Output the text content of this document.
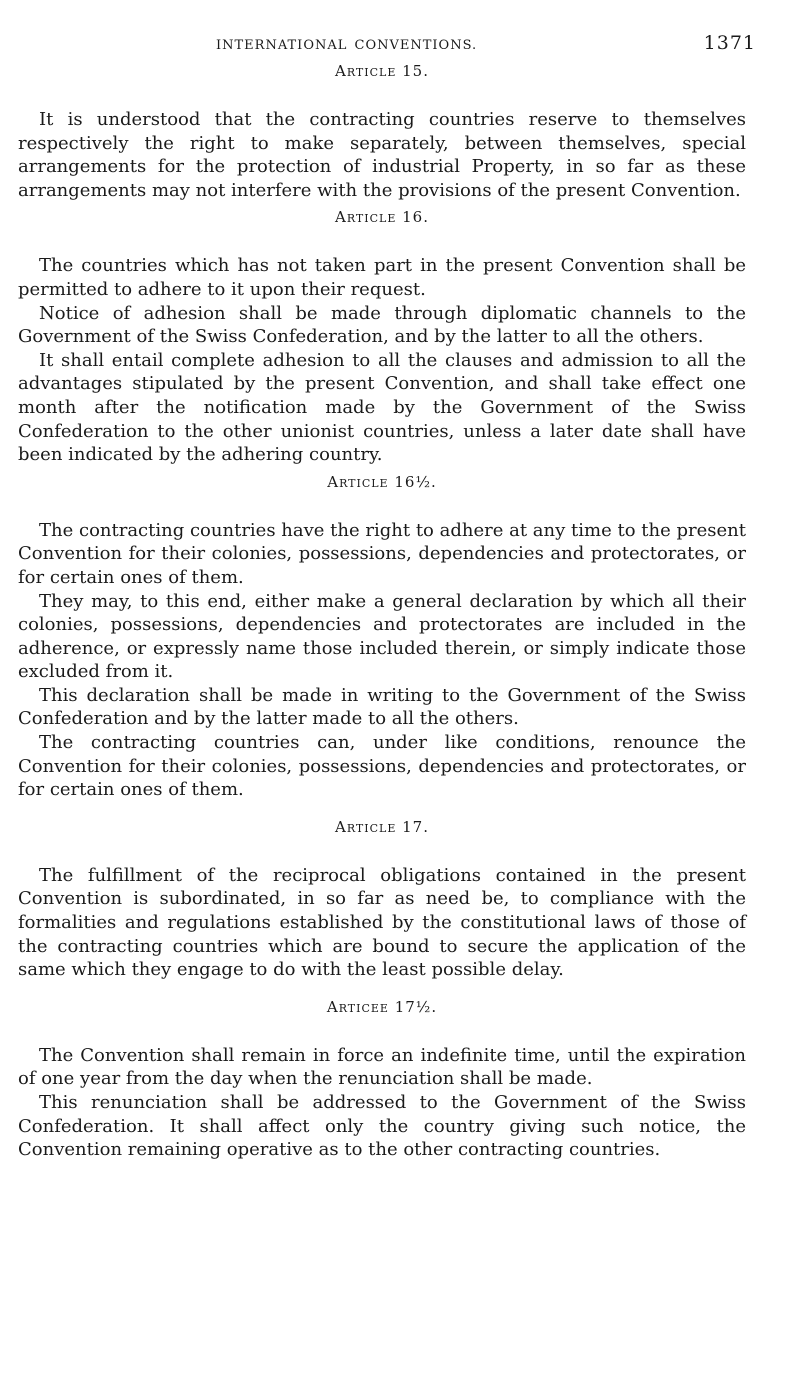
INTERNATIONAL CONVENTIONS.	1371
Article 15.

It is understood that the contracting countries reserve to themselves respectively the right to make separately, between themselves, special arrangements for the protection of industrial Property, in so far as these arrangements may not interfere with the provisions of the present Convention.

Article 16.

The countries which has not taken part in the present Convention shall be permitted to adhere to it upon their request.

Notice of adhesion shall be made through diplomatic channels to the Government of the Swiss Confederation, and by the latter to all the others.

It shall entail complete adhesion to all the clauses and admission to all the advantages stipulated by the present Convention, and shall take effect one month after the notification made by the Government of the Swiss Confederation to the other unionist countries, unless a later date shall have been indicated by the adhering country.

Article 16½.

The contracting countries have the right to adhere at any time to the present Convention for their colonies, possessions, dependencies and protectorates, or for certain ones of them.

They may, to this end, either make a general declaration by which all their colonies, possessions, dependencies and protectorates are included in the adherence, or expressly name those included therein, or simply indicate those excluded from it.

This declaration shall be made in writing to the Government of the Swiss Confederation and by the latter made to all the others.

The contracting countries can, under like conditions, renounce the Convention for their colonies, possessions, dependencies and protectorates, or for certain ones of them.

Article 17.

The fulfillment of the reciprocal obligations contained in the present Convention is subordinated, in so far as need be, to compliance with the formalities and regulations established by the constitutional laws of those of the contracting countries which are bound to secure the application of the same which they engage to do with the least possible delay.

Articee 17½.

The Convention shall remain in force an indefinite time, until the expiration of one year from the day when the renunciation shall be made.

This renunciation shall be addressed to the Government of the Swiss Confederation. It shall affect only the country giving such notice, the Convention remaining operative as to the other contracting countries.
